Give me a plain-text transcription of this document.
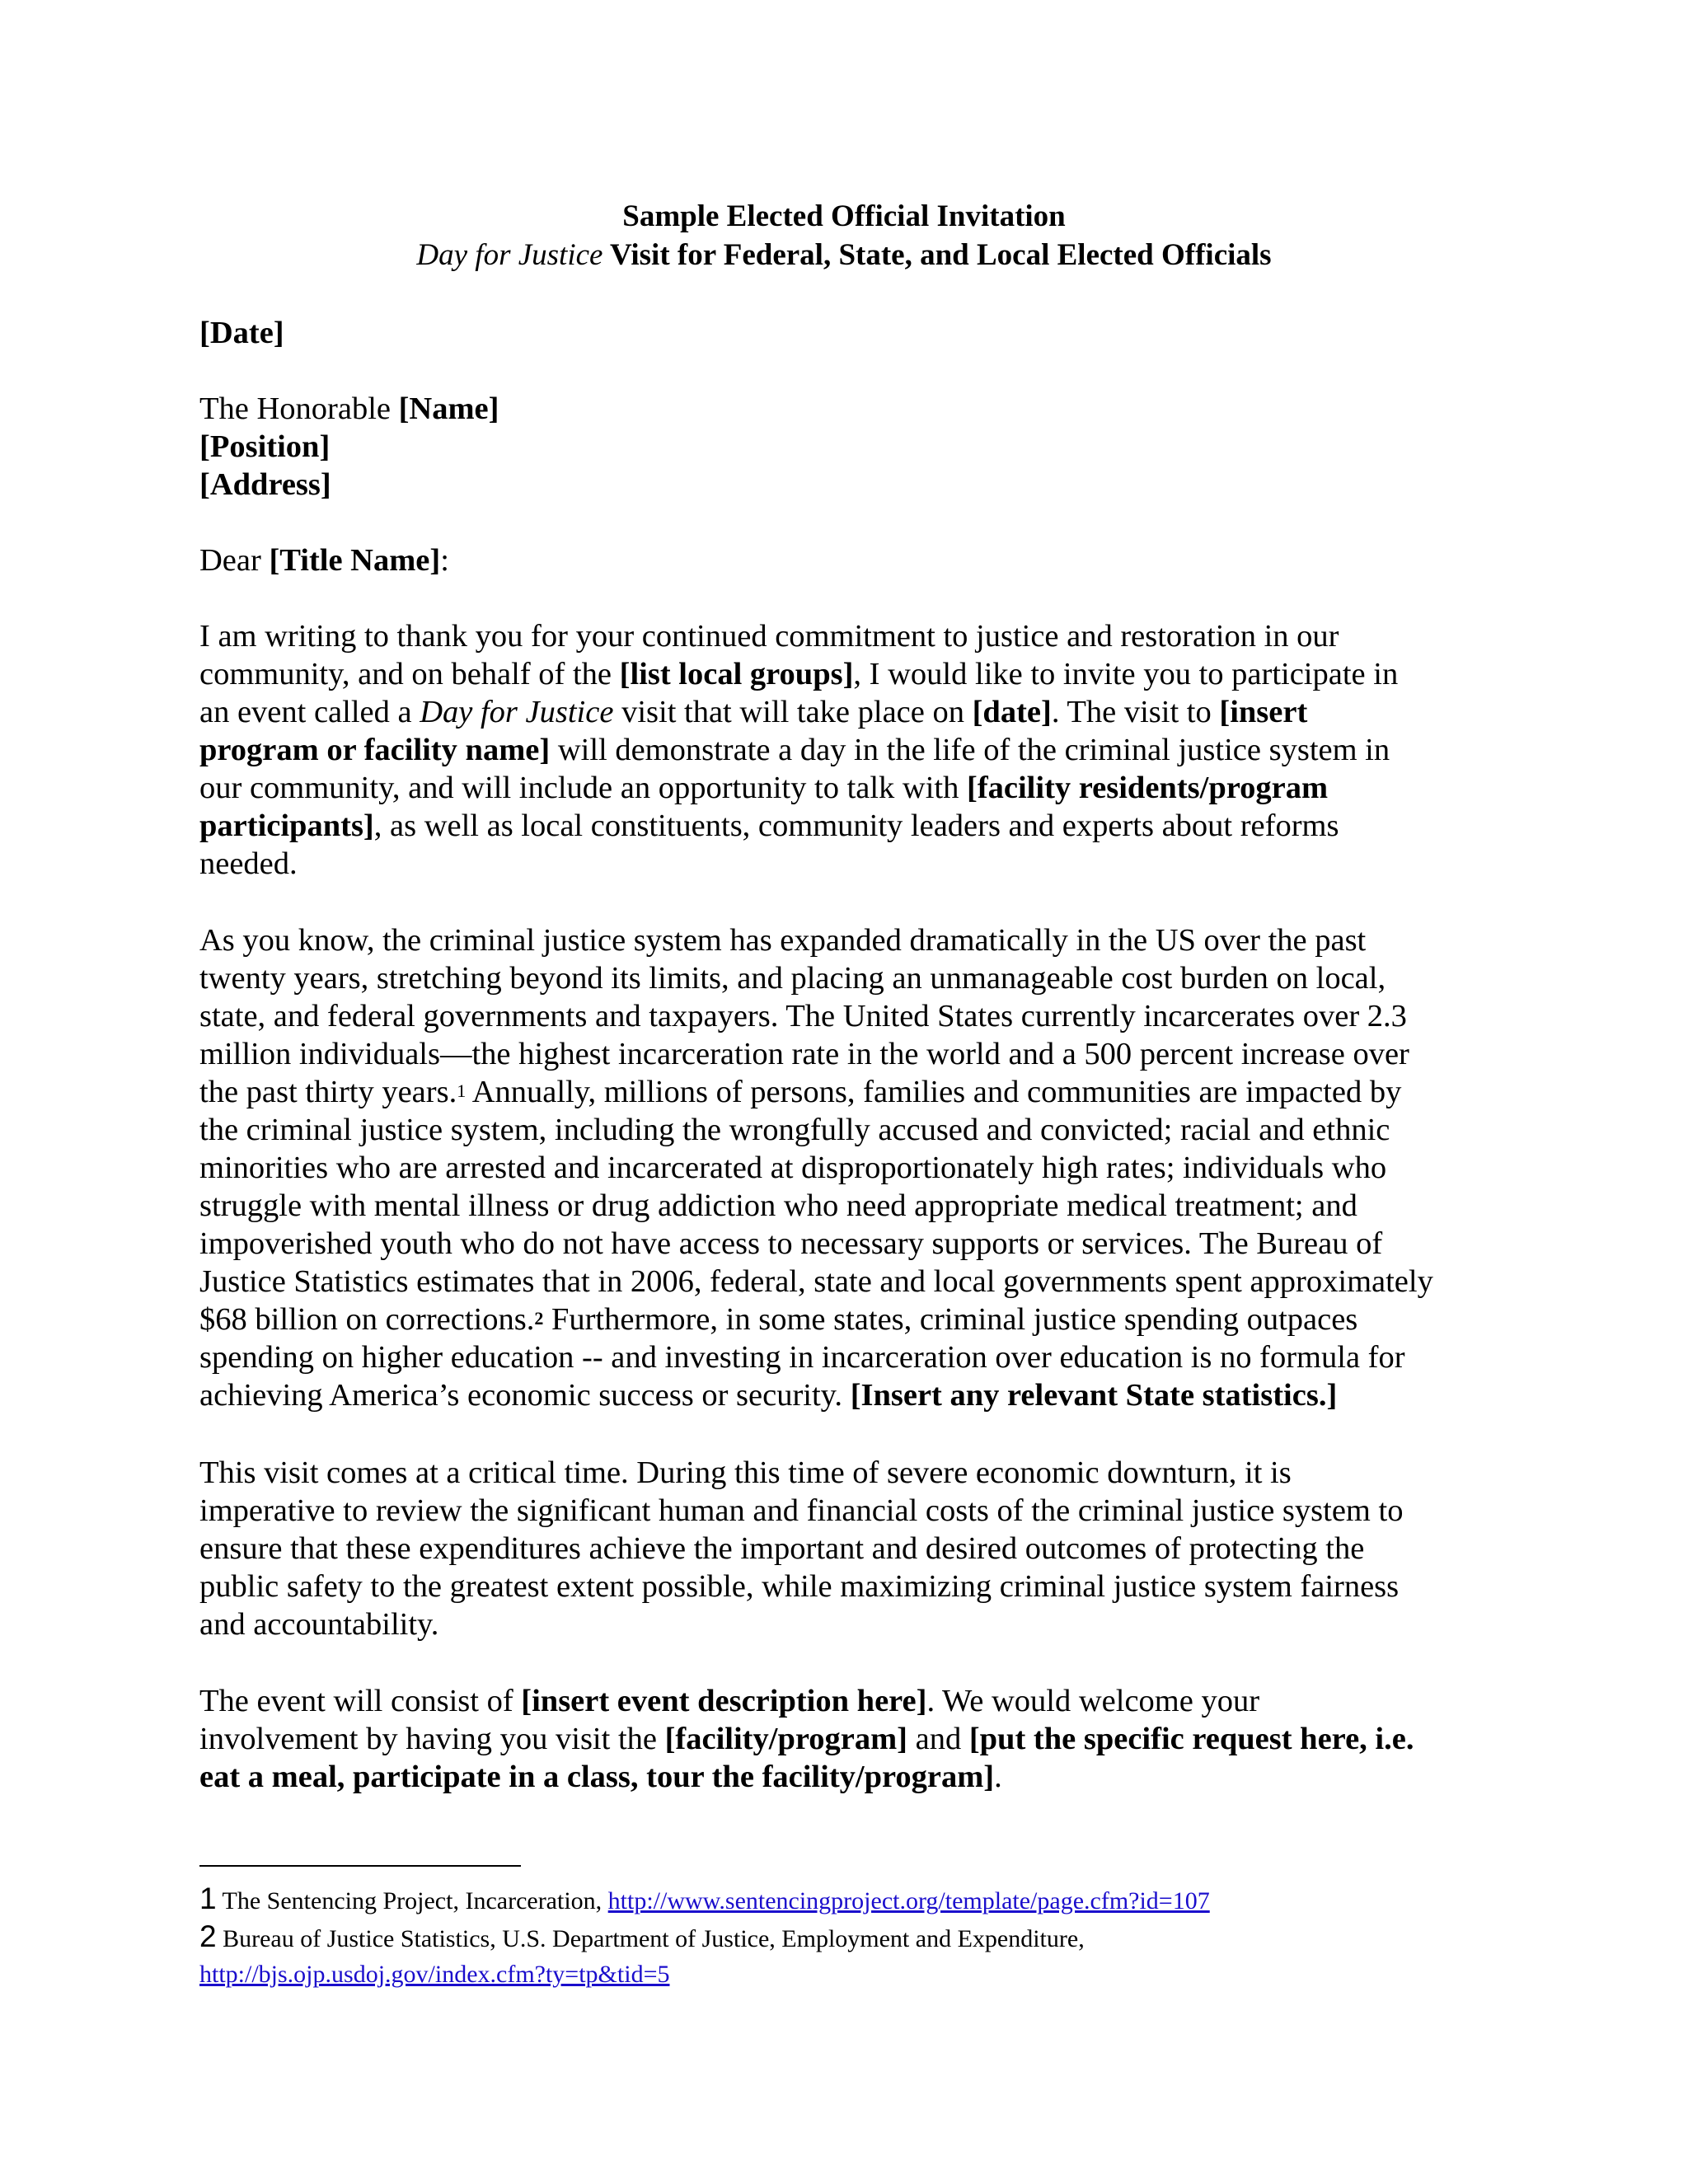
Sample Elected Official Invitation
Day for Justice Visit for Federal, State, and Local Elected Officials
[Date]
The Honorable [Name]
[Position]
[Address]
Dear [Title Name]:
I am writing to thank you for your continued commitment to justice and restoration in our
community, and on behalf of the [list local groups], I would like to invite you to participate in
an event called a Day for Justice visit that will take place on [date]. The visit to [insert
program or facility name] will demonstrate a day in the life of the criminal justice system in
our community, and will include an opportunity to talk with [facility residents/program
participants], as well as local constituents, community leaders and experts about reforms
needed.
As you know, the criminal justice system has expanded dramatically in the US over the past
twenty years, stretching beyond its limits, and placing an unmanageable cost burden on local,
state, and federal governments and taxpayers. The United States currently incarcerates over 2.3
million individuals—the highest incarceration rate in the world and a 500 percent increase over
the past thirty years.$^1$ Annually, millions of persons, families and communities are impacted by
the criminal justice system, including the wrongfully accused and convicted; racial and ethnic
minorities who are arrested and incarcerated at disproportionately high rates; individuals who
struggle with mental illness or drug addiction who need appropriate medical treatment; and
impoverished youth who do not have access to necessary supports or services. The Bureau of
Justice Statistics estimates that in 2006, federal, state and local governments spent approximately
$68 billion on corrections.$^2$ Furthermore, in some states, criminal justice spending outpaces
spending on higher education -- and investing in incarceration over education is no formula for
achieving America’s economic success or security. [Insert any relevant State statistics.]
This visit comes at a critical time. During this time of severe economic downturn, it is
imperative to review the significant human and financial costs of the criminal justice system to
ensure that these expenditures achieve the important and desired outcomes of protecting the
public safety to the greatest extent possible, while maximizing criminal justice system fairness
and accountability.
The event will consist of [insert event description here]. We would welcome your
involvement by having you visit the [facility/program] and [put the specific request here, i.e.
eat a meal, participate in a class, tour the facility/program].
1 The Sentencing Project, Incarceration, http://www.sentencingproject.org/template/page.cfm?id=107
2 Bureau of Justice Statistics, U.S. Department of Justice, Employment and Expenditure,
http://bjs.ojp.usdoj.gov/index.cfm?ty=tp&tid=5
